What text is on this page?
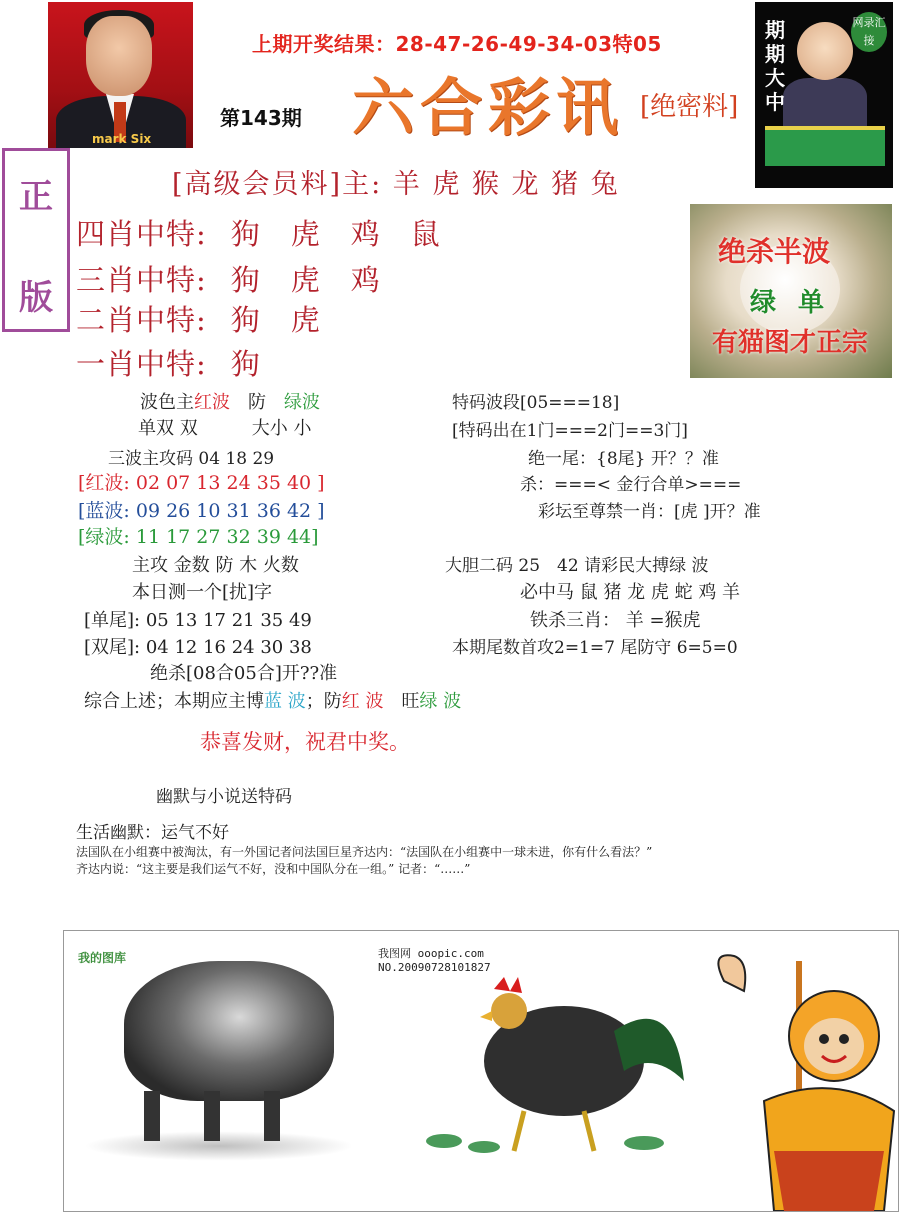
mark Six
期期大中
网录汇接
上期开奖结果：28-47-26-49-34-03特05
第143期 六合彩讯 [绝密料]
正
版
[高级会员料]主: 羊 虎 猴 龙 猪 兔
四肖中特: 狗　虎　鸡　鼠
三肖中特: 狗　虎　鸡
二肖中特: 狗　虎
一肖中特: 狗
绝杀半波
绿单
有猫图才正宗
波色主红波　 防　 绿波
单双 双　　　大小 小
三波主攻码 04 18 29
[红波: 02 07 13 24 35 40 ]
[蓝波: 09 26 10 31 36 42 ]
[绿波: 11 17 27 32 39 44]
主攻 金数 防 木 火数
本日测一个[扰]字
[单尾]: 05 13 17 21 35 49
[双尾]: 04 12 16 24 30 38
绝杀[08合05合]开??准
特码波段[05===18]
[特码出在1门===2门==3门]
绝一尾：{8尾} 开？？准
杀：===< 金行合单>===
彩坛至尊禁一肖：[虎 ]开？准
大胆二码 25　42 请彩民大搏绿 波
必中马 鼠 猪 龙 虎 蛇 鸡 羊
铁杀三肖： 羊 =猴虎
本期尾数首攻2=1=7 尾防守 6=5=0
综合上述；本期应主博蓝 波；防红 波　旺绿 波
恭喜发财，祝君中奖。
幽默与小说送特码
生活幽默：运气不好
法国队在小组赛中被淘汰，有一外国记者问法国巨星齐达内：“法国队在小组赛中一球未进，你有什么看法？”
齐达内说：“这主要是我们运气不好，没和中国队分在一组。” 记者：“……”
我的图库	我图网 ooopic.com
NO.20090728101827
